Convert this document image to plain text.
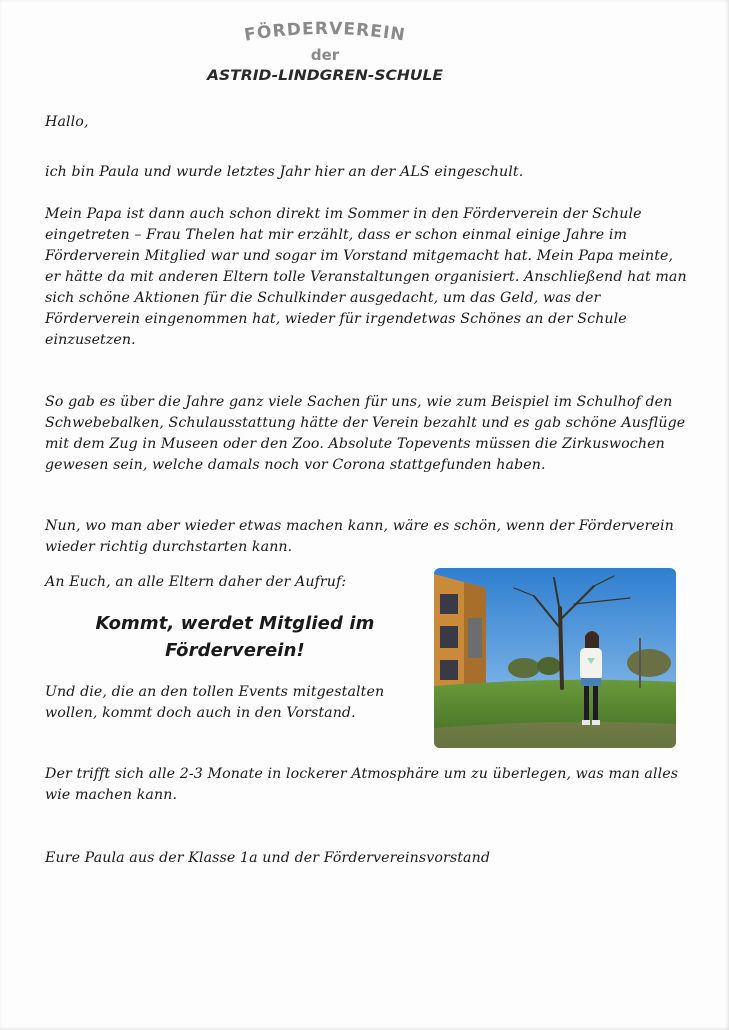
FÖRDERVEREIN
der
ASTRID-LINDGREN-SCHULE

Hallo,

ich bin Paula und wurde letztes Jahr hier an der ALS eingeschult.

Mein Papa ist dann auch schon direkt im Sommer in den Förderverein der Schule eingetreten – Frau Thelen hat mir erzählt, dass er schon einmal einige Jahre im Förderverein Mitglied war und sogar im Vorstand mitgemacht hat. Mein Papa meinte, er hätte da mit anderen Eltern tolle Veranstaltungen organisiert. Anschließend hat man sich schöne Aktionen für die Schulkinder ausgedacht, um das Geld, was der Förderverein eingenommen hat, wieder für irgendetwas Schönes an der Schule einzusetzen.

So gab es über die Jahre ganz viele Sachen für uns, wie zum Beispiel im Schulhof den Schwebebalken, Schulausstattung hätte der Verein bezahlt und es gab schöne Ausflüge mit dem Zug in Museen oder den Zoo. Absolute Topevents müssen die Zirkuswochen gewesen sein, welche damals noch vor Corona stattgefunden haben.

Nun, wo man aber wieder etwas machen kann, wäre es schön, wenn der Förderverein wieder richtig durchstarten kann.

An Euch, an alle Eltern daher der Aufruf:

Kommt, werdet Mitglied im
Förderverein!

Und die, die an den tollen Events mitgestalten wollen, kommt doch auch in den Vorstand.

Der trifft sich alle 2-3 Monate in lockerer Atmosphäre um zu überlegen, was man alles wie machen kann.

Eure Paula aus der Klasse 1a und der Fördervereinsvorstand
